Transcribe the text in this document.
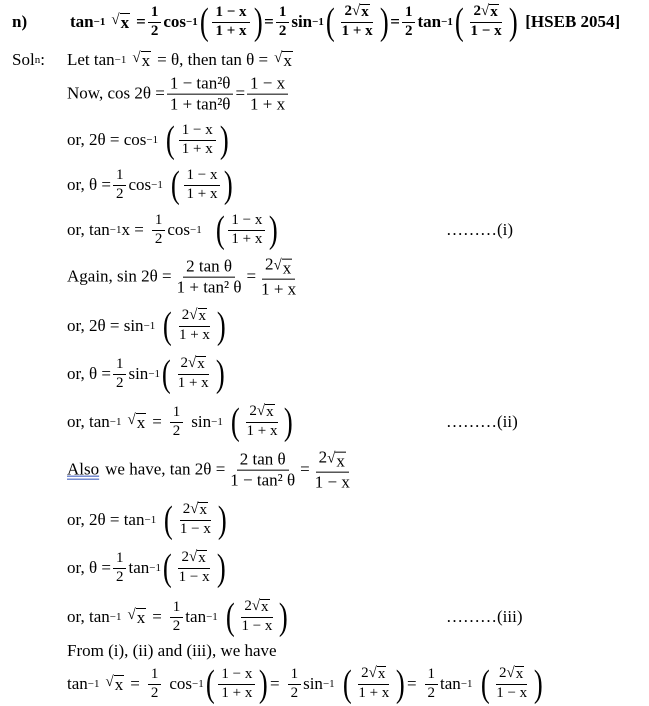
n)	tan −1 √ $x = \frac{1}{2}$ cos −1 ( $\frac{1 - x}{1 + x}$ ) = $\frac{1}{2}$ sin −1 ( $\frac{2 √ x}{1 + x}$ ) = $\frac{1}{2}$ tan −1 ( $\frac{2 √ x}{1 - x}$ ) [HSEB 2054]
Sol n : Let tan −1 √ x = θ, then tan θ = √ x
Now, $\cos 2\theta = \frac{\text{1 − tan²θ}}{\text{1 + tan²θ}} = \frac{1 - x}{1 + x}$
or, 2θ = cos −1 ( $\frac{1 - x}{1 + x}$ )
or, $\theta = \frac{1}{2}$ cos −1 ( $\frac{1 - x}{1 + x}$ )
or, tan −1 $x = \frac{1}{2}$ cos −1 ( $\frac{1 - x}{1 + x}$ )	………(i)
Again, $\sin 2\theta = \frac{\text{2 tan θ}}{\text{1 + tan² θ}} = \frac{2 √ x}{1 + x}$
or, 2θ = sin −1 ( $\frac{2 √ x}{1 + x}$ )
or, $\theta = \frac{1}{2}$ sin −1 ( $\frac{2 √ x}{1 + x}$ )
or, tan −1 √ $x = \frac{1}{2}$ sin −1 ( $\frac{2 √ x}{1 + x}$ )	………(ii)
Also we have, $\tan 2\theta = \frac{\text{2 tan θ}}{\text{1 − tan² θ}} = \frac{2 √ x}{1 - x}$
or, 2θ = tan −1 ( $\frac{2 √ x}{1 - x}$ )
or, $\theta = \frac{1}{2}$ tan −1 ( $\frac{2 √ x}{1 - x}$ )
or, tan −1 √ $x = \frac{1}{2}$ tan −1 ( $\frac{2 √ x}{1 - x}$ )	………(iii)
From (i), (ii) and (iii), we have
tan −1 √ $x = \frac{1}{2}$ cos −1 ( $\frac{1 - x}{1 + x}$ ) = $\frac{1}{2}$ sin −1 ( $\frac{2 √ x}{1 + x}$ ) = $\frac{1}{2}$ tan −1 ( $\frac{2 √ x}{1 - x}$ )
